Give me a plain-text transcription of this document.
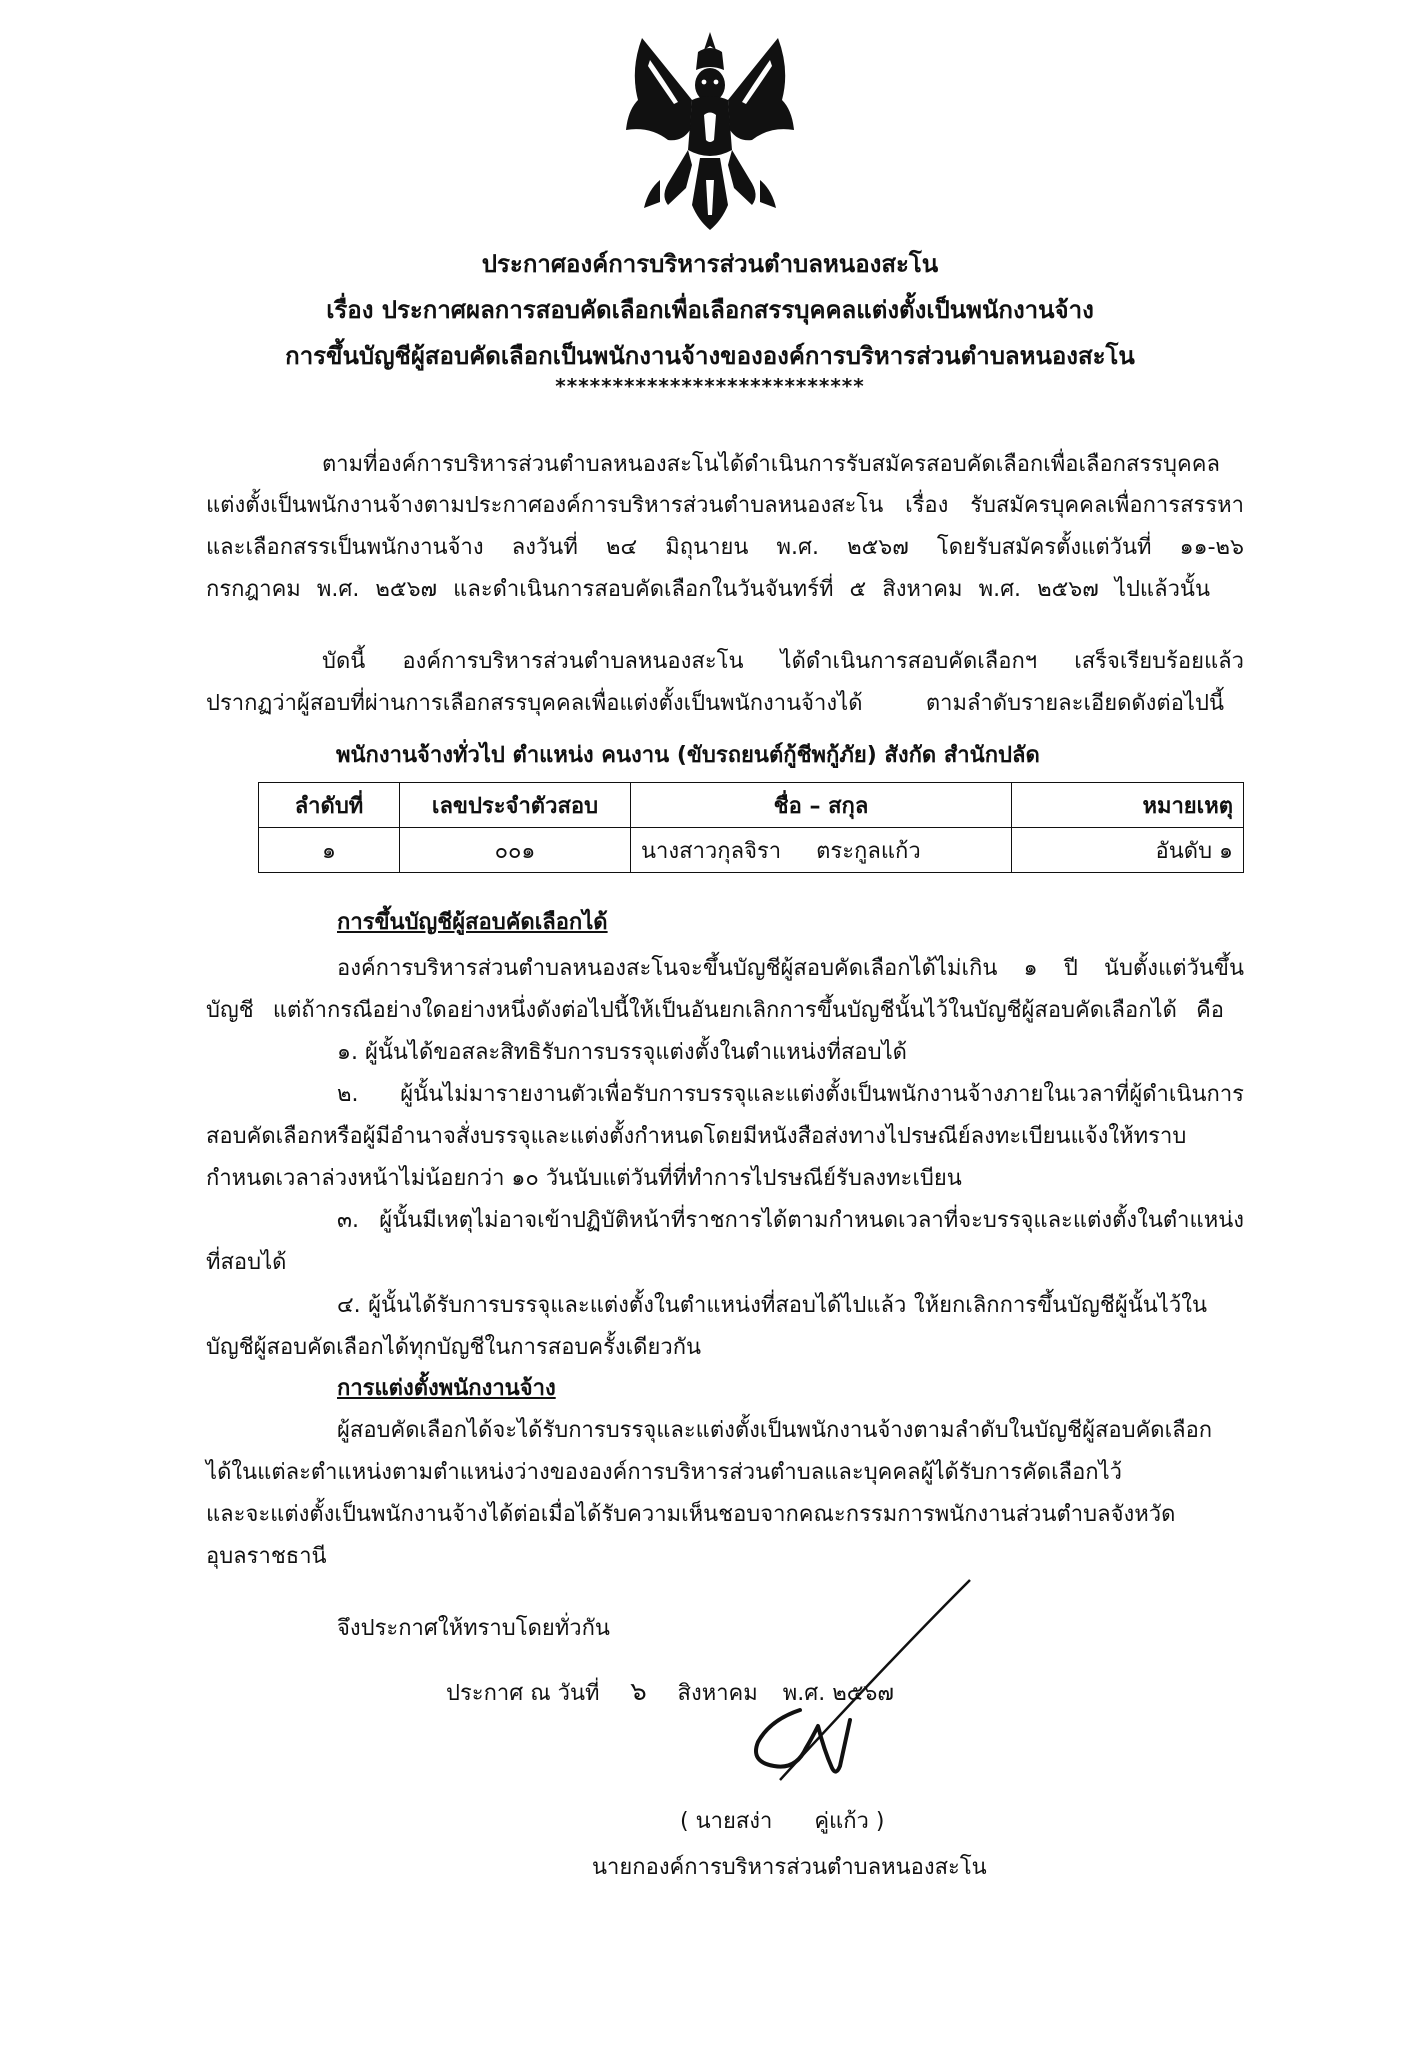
ประกาศองค์การบริหารส่วนตำบลหนองสะโน
เรื่อง ประกาศผลการสอบคัดเลือกเพื่อเลือกสรรบุคคลแต่งตั้งเป็นพนักงานจ้าง
การขึ้นบัญชีผู้สอบคัดเลือกเป็นพนักงานจ้างขององค์การบริหารส่วนตำบลหนองสะโน
***************************
ตามที่องค์การบริหารส่วนตำบลหนองสะโนได้ดำเนินการรับสมัครสอบคัดเลือกเพื่อเลือกสรรบุคคล
แต่งตั้งเป็นพนักงานจ้างตามประกาศองค์การบริหารส่วนตำบลหนองสะโน เรื่อง รับสมัครบุคคลเพื่อการสรรหา
และเลือกสรรเป็นพนักงานจ้าง ลงวันที่ ๒๔ มิถุนายน พ.ศ. ๒๕๖๗ โดยรับสมัครตั้งแต่วันที่ ๑๑-๒๖
กรกฎาคม พ.ศ. ๒๕๖๗ และดำเนินการสอบคัดเลือกในวันจันทร์ที่ ๕ สิงหาคม พ.ศ. ๒๕๖๗ ไปแล้วนั้น
บัดนี้ องค์การบริหารส่วนตำบลหนองสะโน ได้ดำเนินการสอบคัดเลือกฯ เสร็จเรียบร้อยแล้ว
ปรากฏว่าผู้สอบที่ผ่านการเลือกสรรบุคคลเพื่อแต่งตั้งเป็นพนักงานจ้างได้ ตามลำดับรายละเอียดดังต่อไปนี้
พนักงานจ้างทั่วไป ตำแหน่ง คนงาน (ขับรถยนต์กู้ชีพกู้ภัย) สังกัด สำนักปลัด
ลำดับที่	เลขประจำตัวสอบ	ชื่อ – สกุล	หมายเหตุ
๑	๐๐๑	นางสาวกุลจิรา     ตระกูลแก้ว	อันดับ ๑
การขึ้นบัญชีผู้สอบคัดเลือกได้
องค์การบริหารส่วนตำบลหนองสะโนจะขึ้นบัญชีผู้สอบคัดเลือกได้ไม่เกิน ๑ ปี นับตั้งแต่วันขึ้น
บัญชี แต่ถ้ากรณีอย่างใดอย่างหนึ่งดังต่อไปนี้ให้เป็นอันยกเลิกการขึ้นบัญชีนั้นไว้ในบัญชีผู้สอบคัดเลือกได้ คือ
๑. ผู้นั้นได้ขอสละสิทธิรับการบรรจุแต่งตั้งในตำแหน่งที่สอบได้
๒. ผู้นั้นไม่มารายงานตัวเพื่อรับการบรรจุและแต่งตั้งเป็นพนักงานจ้างภายในเวลาที่ผู้ดำเนินการ
สอบคัดเลือกหรือผู้มีอำนาจสั่งบรรจุและแต่งตั้งกำหนดโดยมีหนังสือส่งทางไปรษณีย์ลงทะเบียนแจ้งให้ทราบ
กำหนดเวลาล่วงหน้าไม่น้อยกว่า ๑๐ วันนับแต่วันที่ที่ทำการไปรษณีย์รับลงทะเบียน
๓. ผู้นั้นมีเหตุไม่อาจเข้าปฏิบัติหน้าที่ราชการได้ตามกำหนดเวลาที่จะบรรจุและแต่งตั้งในตำแหน่ง
ที่สอบได้
๔. ผู้นั้นได้รับการบรรจุและแต่งตั้งในตำแหน่งที่สอบได้ไปแล้ว ให้ยกเลิกการขึ้นบัญชีผู้นั้นไว้ใน
บัญชีผู้สอบคัดเลือกได้ทุกบัญชีในการสอบครั้งเดียวกัน
การแต่งตั้งพนักงานจ้าง
ผู้สอบคัดเลือกได้จะได้รับการบรรจุและแต่งตั้งเป็นพนักงานจ้างตามลำดับในบัญชีผู้สอบคัดเลือก
ได้ในแต่ละตำแหน่งตามตำแหน่งว่างขององค์การบริหารส่วนตำบลและบุคคลผู้ได้รับการคัดเลือกไว้
และจะแต่งตั้งเป็นพนักงานจ้างได้ต่อเมื่อได้รับความเห็นชอบจากคณะกรรมการพนักงานส่วนตำบลจังหวัด
อุบลราชธานี
จึงประกาศให้ทราบโดยทั่วกัน
ประกาศ ณ วันที่ ๖ สิงหาคม พ.ศ. ๒๕๖๗
( นายสง่า      คู่แก้ว )
นายกองค์การบริหารส่วนตำบลหนองสะโน
